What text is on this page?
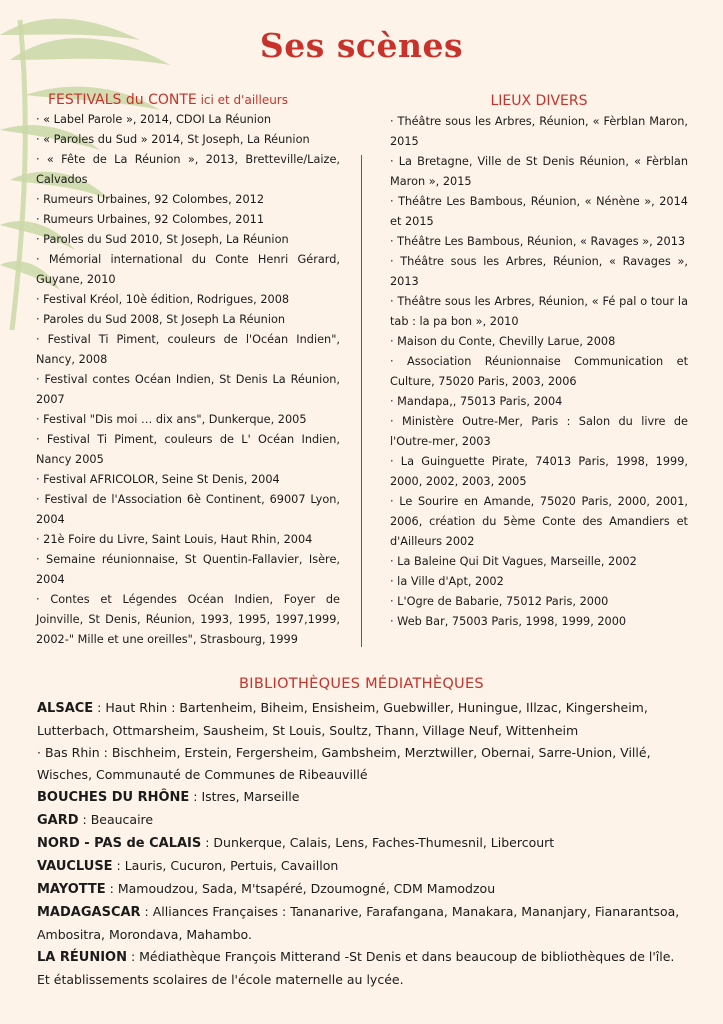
Ses scènes
FESTIVALS du CONTE ici et d'ailleurs
· « Label Parole », 2014, CDOI La Réunion
· « Paroles du Sud » 2014, St Joseph, La Réunion
· « Fête de La Réunion », 2013, Bretteville/Laize, Calvados
· Rumeurs Urbaines, 92 Colombes, 2012
· Rumeurs Urbaines, 92 Colombes, 2011
· Paroles du Sud 2010, St Joseph, La Réunion
· Mémorial international du Conte Henri Gérard, Guyane, 2010
· Festival Kréol, 10è édition, Rodrigues, 2008
· Paroles du Sud 2008, St Joseph La Réunion
· Festival Ti Piment, couleurs de l'Océan Indien", Nancy, 2008
· Festival contes Océan Indien, St Denis La Réunion, 2007
· Festival "Dis moi … dix ans", Dunkerque, 2005
· Festival Ti Piment, couleurs de L' Océan Indien, Nancy 2005
· Festival AFRICOLOR, Seine St Denis, 2004
· Festival de l'Association 6è Continent, 69007 Lyon, 2004
· 21è Foire du Livre, Saint Louis, Haut Rhin, 2004
· Semaine réunionnaise, St Quentin-Fallavier, Isère, 2004
· Contes et Légendes Océan Indien, Foyer de Joinville, St Denis, Réunion, 1993, 1995, 1997,1999, 2002-" Mille et une oreilles", Strasbourg, 1999
LIEUX DIVERS
· Théâtre sous les Arbres, Réunion, « Fèrblan Maron, 2015
· La Bretagne, Ville de St Denis Réunion, « Fèrblan Maron », 2015
· Théâtre Les Bambous, Réunion, « Nénène », 2014 et 2015
· Théâtre Les Bambous, Réunion, « Ravages », 2013
· Théâtre sous les Arbres, Réunion, « Ravages », 2013
· Théâtre sous les Arbres, Réunion, « Fé pal o tour la tab : la pa bon », 2010
· Maison du Conte, Chevilly Larue, 2008
· Association Réunionnaise Communication et Culture, 75020 Paris, 2003, 2006
· Mandapa,, 75013 Paris, 2004
· Ministère Outre-Mer, Paris : Salon du livre de l'Outre-mer, 2003
· La Guinguette Pirate, 74013 Paris, 1998, 1999, 2000, 2002, 2003, 2005
· Le Sourire en Amande, 75020 Paris, 2000, 2001, 2006, création du 5ème Conte des Amandiers et d'Ailleurs 2002
· La Baleine Qui Dit Vagues, Marseille, 2002
· la Ville d'Apt, 2002
· L'Ogre de Babarie, 75012 Paris, 2000
· Web Bar, 75003 Paris, 1998, 1999, 2000
BIBLIOTHÈQUES MÉDIATHÈQUES

ALSACE : Haut Rhin : Bartenheim, Biheim, Ensisheim, Guebwiller, Huningue, Illzac, Kingersheim, Lutterbach, Ottmarsheim, Sausheim, St Louis, Soultz, Thann, Village Neuf, Wittenheim

· Bas Rhin : Bischheim, Erstein, Fergersheim, Gambsheim, Merztwiller, Obernai, Sarre-Union, Villé, Wisches, Communauté de Communes de Ribeauvillé

BOUCHES DU RHÔNE : Istres, Marseille

GARD : Beaucaire

NORD - PAS de CALAIS : Dunkerque, Calais, Lens, Faches-Thumesnil, Libercourt

VAUCLUSE : Lauris, Cucuron, Pertuis, Cavaillon

MAYOTTE : Mamoudzou, Sada, M'tsapéré, Dzoumogné, CDM Mamodzou

MADAGASCAR : Alliances Françaises : Tananarive, Farafangana, Manakara, Mananjary, Fianarantsoa, Ambositra, Morondava, Mahambo.

LA RÉUNION : Médiathèque François Mitterand -St Denis et dans beaucoup de bibliothèques de l'île. Et établissements scolaires de l'école maternelle au lycée.
